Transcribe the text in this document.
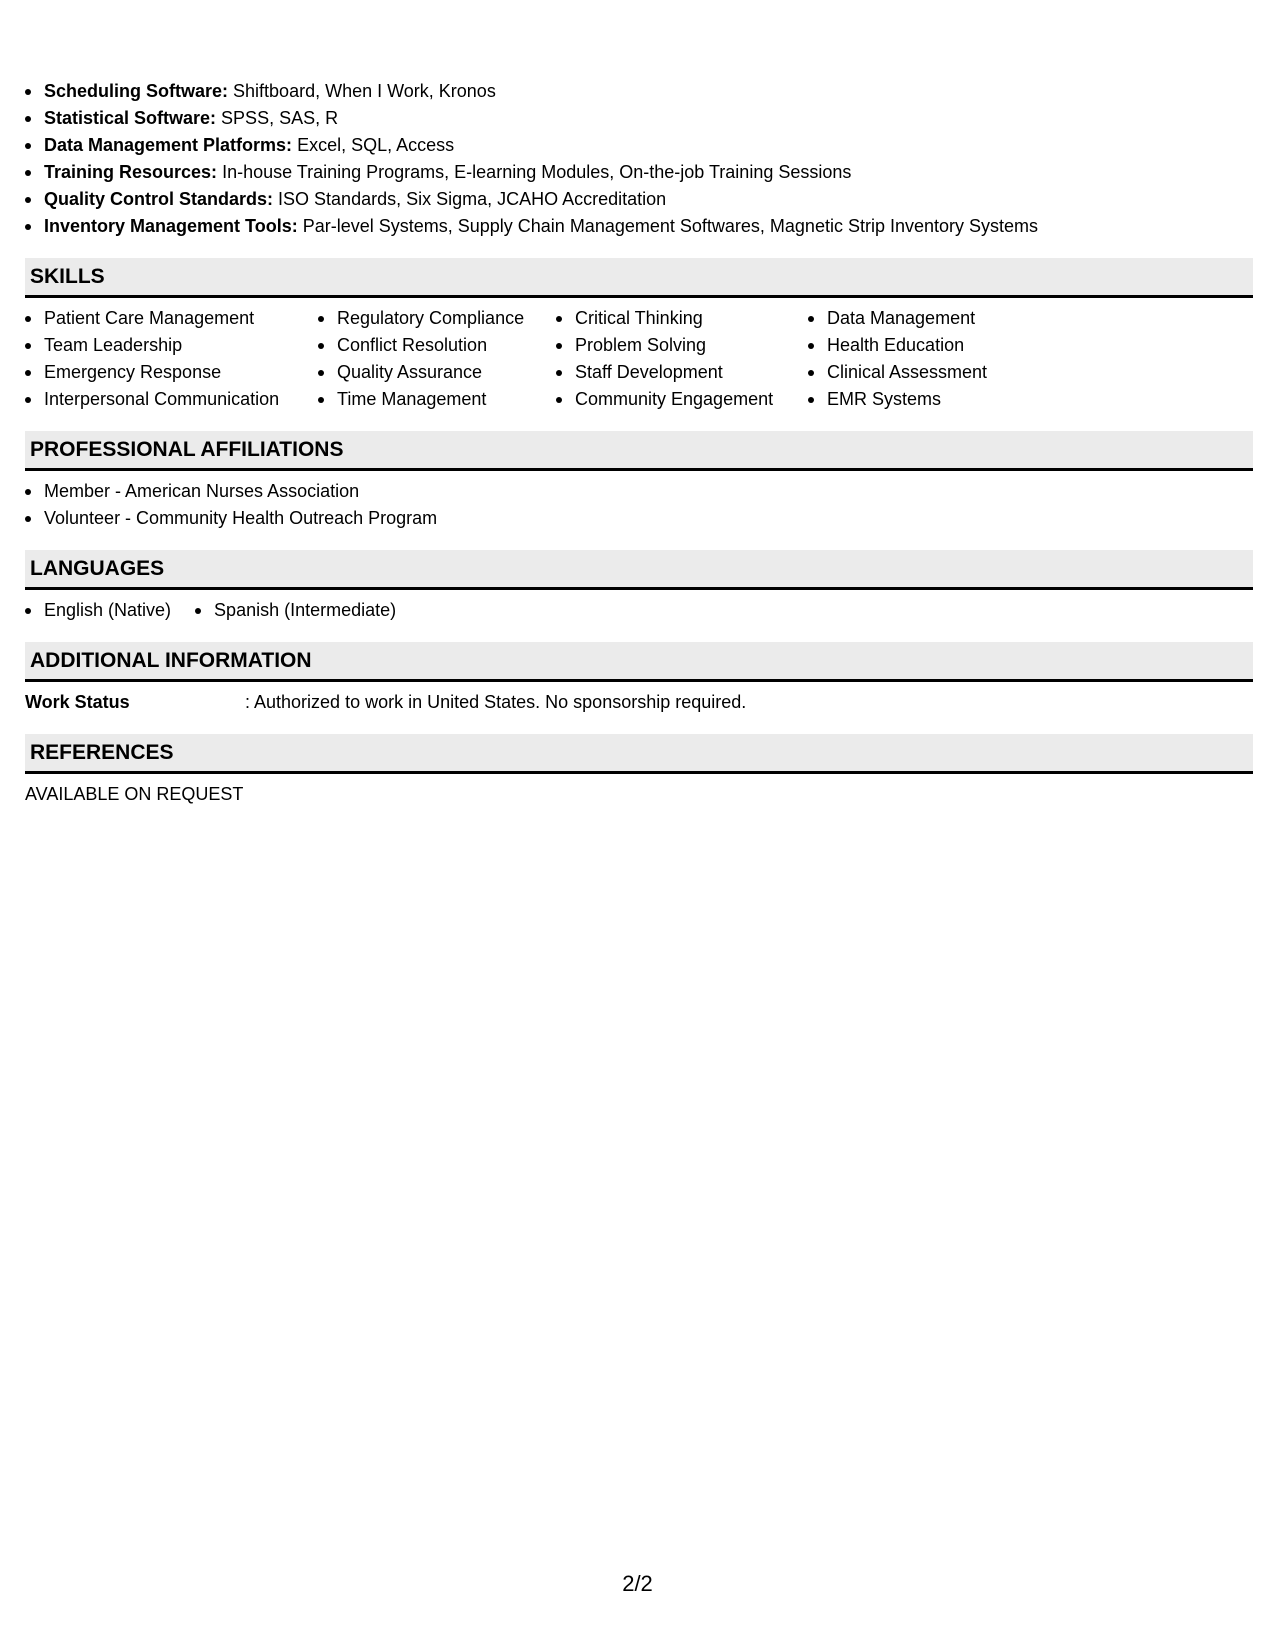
Scheduling Software: Shiftboard, When I Work, Kronos
Statistical Software: SPSS, SAS, R
Data Management Platforms: Excel, SQL, Access
Training Resources: In-house Training Programs, E-learning Modules, On-the-job Training Sessions
Quality Control Standards: ISO Standards, Six Sigma, JCAHO Accreditation
Inventory Management Tools: Par-level Systems, Supply Chain Management Softwares, Magnetic Strip Inventory Systems
SKILLS
Patient Care Management
Team Leadership
Emergency Response
Interpersonal Communication
Regulatory Compliance
Conflict Resolution
Quality Assurance
Time Management
Critical Thinking
Problem Solving
Staff Development
Community Engagement
Data Management
Health Education
Clinical Assessment
EMR Systems
PROFESSIONAL AFFILIATIONS
Member - American Nurses Association
Volunteer - Community Health Outreach Program
LANGUAGES
English (Native)	Spanish (Intermediate)
ADDITIONAL INFORMATION
Work Status	: Authorized to work in United States. No sponsorship required.
REFERENCES
AVAILABLE ON REQUEST
2/2
